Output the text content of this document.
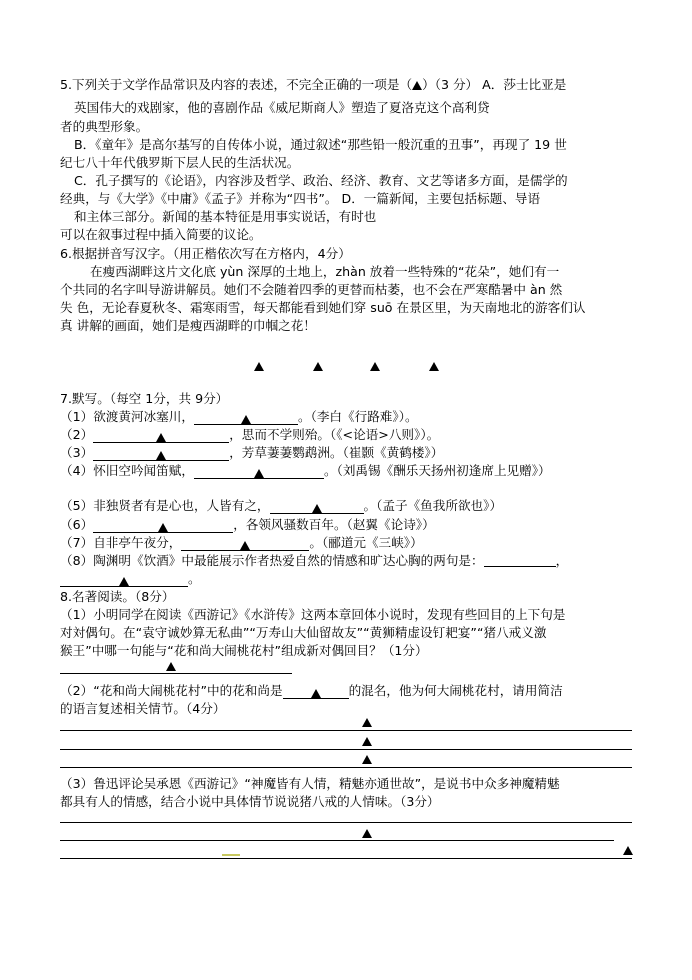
5.下列关于文学作品常识及内容的表述，不完全正确的一项是（ ）（3 分） A．莎士比亚是
英国伟大的戏剧家，他的喜剧作品《威尼斯商人》塑造了夏洛克这个高利贷
者的典型形象。
B．《童年》是高尔基写的自传体小说，通过叙述“那些铅一般沉重的丑事”，再现了 19 世
纪七八十年代俄罗斯下层人民的生活状况。
C．孔子撰写的《论语》，内容涉及哲学、政治、经济、教育、文艺等诸多方面，是儒学的
经典，与《大学》《中庸》《孟子》并称为“四书”。 D．一篇新闻，主要包括标题、导语
和主体三部分。新闻的基本特征是用事实说话，有时也
可以在叙事过程中插入简要的议论。
6.根据拼音写汉字。（用正楷依次写在方格内，4分）
在瘦西湖畔这片文化底 yùn 深厚的土地上，zhàn 放着一些特殊的“花朵”，她们有一
个共同的名字叫导游讲解员。她们不会随着四季的更替而枯萎，也不会在严寒酷暑中 àn 然
失 色，无论春夏秋冬、霜寒雨雪，每天都能看到她们穿 suō 在景区里，为天南地北的游客们认
真 讲解的画面，她们是瘦西湖畔的巾帼之花！
7.默写。（每空 1分，共 9分）
（1）欲渡黄河冰塞川，	。（李白《行路难》）。
（2）	，思而不学则殆。（《<论语>八则》）。
（3）	，芳草萋萋鹦鹉洲。（崔颢《黄鹤楼》）
（4）怀旧空吟闻笛赋，	。（刘禹锡《酬乐天扬州初逢席上见赠》）
（5）非独贤者有是心也，人皆有之，	。（孟子《鱼我所欲也》）
（6）	，各领风骚数百年。（赵翼《论诗》）
（7）自非亭午夜分，	。（郦道元《三峡》）
（8）陶渊明《饮酒》中最能展示作者热爱自然的情感和旷达心胸的两句是：	，
。
8.名著阅读。（8分）
（1）小明同学在阅读《西游记》《水浒传》这两本章回体小说时，发现有些回目的上下句是
对対偶句。在“袁守诚妙算无私曲”“万寿山大仙留故友”“黄狮精虚设钉耙宴”“猪八戒义激
猴王”中哪一句能与“花和尚大闹桃花村”组成新对偶回目？（1分）
（2）“花和尚大闹桃花村”中的花和尚是	的混名，他为何大闹桃花村，请用简洁
的语言复述相关情节。（4分）
（3）鲁迅评论吴承恩《西游记》“神魔皆有人情，精魅亦通世故”，是说书中众多神魔精魅
都具有人的情感，结合小说中具体情节说说猪八戒的人情味。（3分）
